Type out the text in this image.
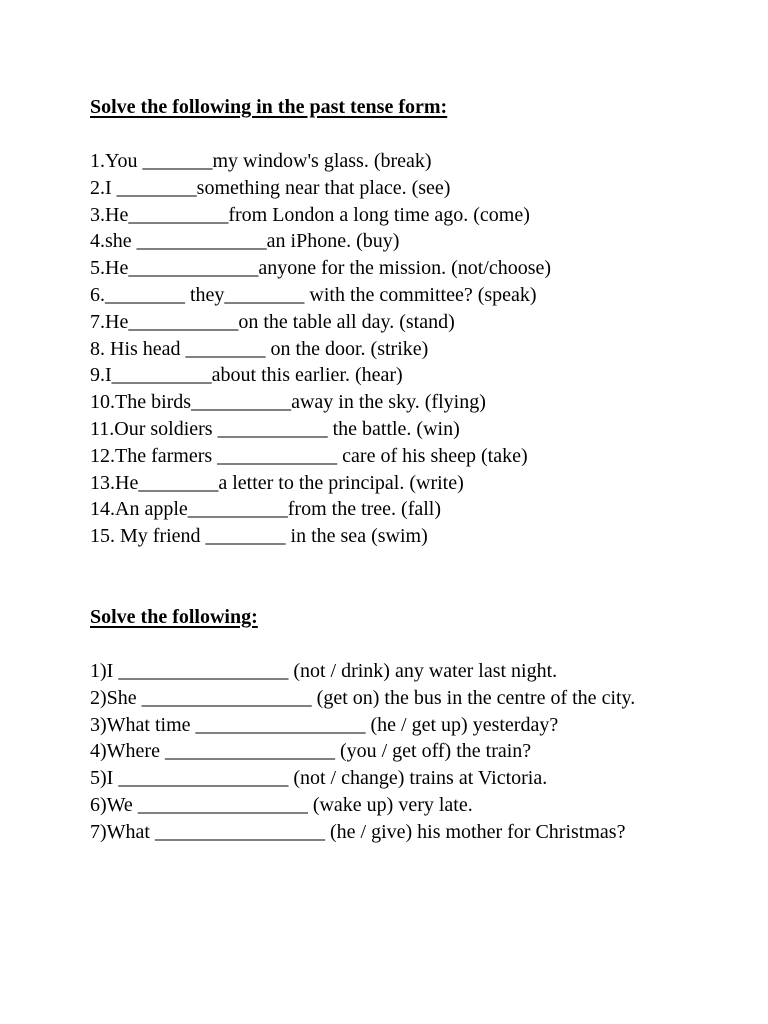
Solve the following in the past tense form:
1.You _______my window's glass. (break)
2.I ________something near that place. (see)
3.He__________from London a long time ago. (come)
4.she _____________an iPhone. (buy)
5.He_____________anyone for the mission. (not/choose)
6.________ they________ with the committee? (speak)
7.He___________on the table all day. (stand)
8. His head ________ on the door. (strike)
9.I__________about this earlier. (hear)
10.The birds__________away in the sky. (flying)
11.Our soldiers ___________ the battle. (win)
12.The farmers ____________ care of his sheep (take)
13.He________a letter to the principal. (write)
14.An apple__________from the tree. (fall)
15. My friend ________ in the sea (swim)
Solve the following:
1)I _________________ (not / drink) any water last night.
2)She _________________ (get on) the bus in the centre of the city.
3)What time _________________ (he / get up) yesterday?
4)Where _________________ (you / get off) the train?
5)I _________________ (not / change) trains at Victoria.
6)We _________________ (wake up) very late.
7)What _________________ (he / give) his mother for Christmas?
